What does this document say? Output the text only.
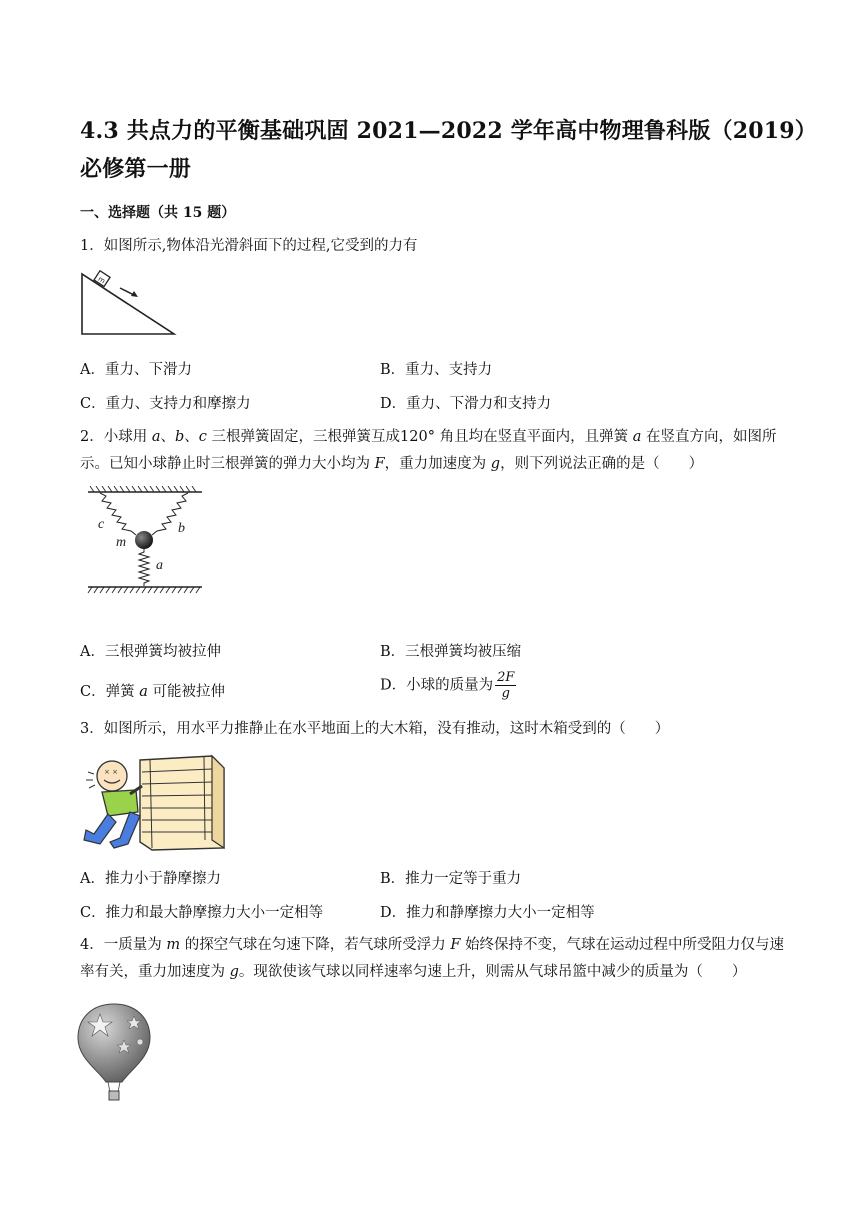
4.3 共点力的平衡基础巩固 2021—2022 学年高中物理鲁科版（2019）
必修第一册
一、选择题（共 15 题）
1．如图所示,物体沿光滑斜面下的过程,它受到的力有
m
A．重力、下滑力	B．重力、支持力
C．重力、支持力和摩擦力	D．重力、下滑力和支持力
2．小球用 a、b、c 三根弹簧固定，三根弹簧互成120° 角且均在竖直平面内，且弹簧 a 在竖直方向，如图所示。已知小球静止时三根弹簧的弹力大小均为 F，重力加速度为 g，则下列说法正确的是（　　）
c	b
m
a
A．三根弹簧均被拉伸	B．三根弹簧均被压缩
C．弹簧 a 可能被拉伸	D．小球的质量为 $\frac{2F}{g}$
3．如图所示，用水平力推静止在水平地面上的大木箱，没有推动，这时木箱受到的（　　）
× ×
A．推力小于静摩擦力	B．推力一定等于重力
C．推力和最大静摩擦力大小一定相等	D．推力和静摩擦力大小一定相等
4．一质量为 m 的探空气球在匀速下降，若气球所受浮力 F 始终保持不变，气球在运动过程中所受阻力仅与速率有关，重力加速度为 g。现欲使该气球以同样速率匀速上升，则需从气球吊篮中减少的质量为（　　）
